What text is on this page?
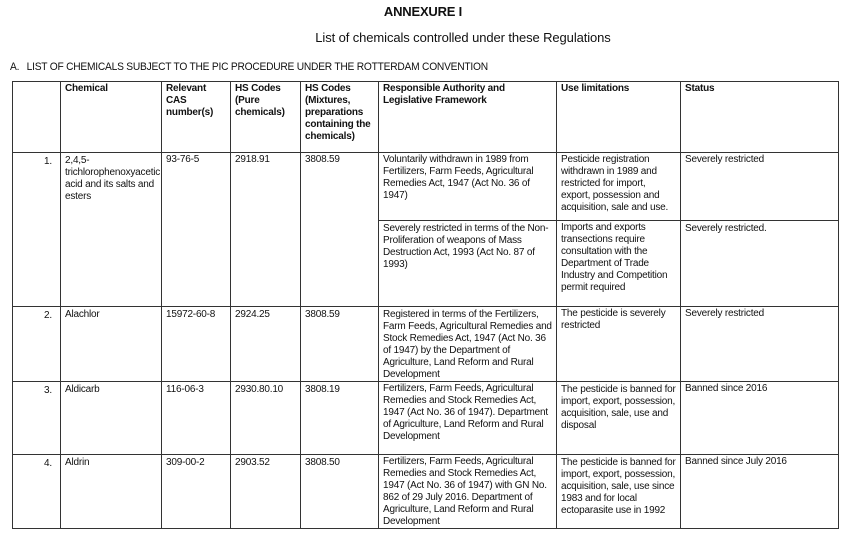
ANNEXURE I
List of chemicals controlled under these Regulations
A. LIST OF CHEMICALS SUBJECT TO THE PIC PROCEDURE UNDER THE ROTTERDAM CONVENTION
	Chemical	Relevant CAS number(s)	HS Codes (Pure chemicals)	HS Codes (Mixtures, preparations containing the chemicals)	Responsible Authority and Legislative Framework	Use limitations	Status
1.	2,4,5-trichlorophenoxyacetic acid and its salts and esters	93-76-5	2918.91	3808.59	Voluntarily withdrawn in 1989 from Fertilizers, Farm Feeds, Agricultural Remedies Act, 1947 (Act No. 36 of 1947)	Pesticide registration withdrawn in 1989 and restricted for import, export, possession and acquisition, sale and use.	Severely restricted
					Severely restricted in terms of the Non-Proliferation of weapons of Mass Destruction Act, 1993 (Act No. 87 of 1993)	Imports and exports transections require consultation with the Department of Trade Industry and Competition permit required	Severely restricted.
2.	Alachlor	15972-60-8	2924.25	3808.59	Registered in terms of the Fertilizers, Farm Feeds, Agricultural Remedies and Stock Remedies Act, 1947 (Act No. 36 of 1947) by the Department of Agriculture, Land Reform and Rural Development	The pesticide is severely restricted	Severely restricted
3.	Aldicarb	116-06-3	2930.80.10	3808.19	Fertilizers, Farm Feeds, Agricultural Remedies and Stock Remedies Act, 1947 (Act No. 36 of 1947). Department of Agriculture, Land Reform and Rural Development	The pesticide is banned for import, export, possession, acquisition, sale, use and disposal	Banned since 2016
4.	Aldrin	309-00-2	2903.52	3808.50	Fertilizers, Farm Feeds, Agricultural Remedies and Stock Remedies Act, 1947 (Act No. 36 of 1947) with GN No. 862 of 29 July 2016. Department of Agriculture, Land Reform and Rural Development	The pesticide is banned for import, export, possession, acquisition, sale, use since 1983 and for local ectoparasite use in 1992	Banned since July 2016
